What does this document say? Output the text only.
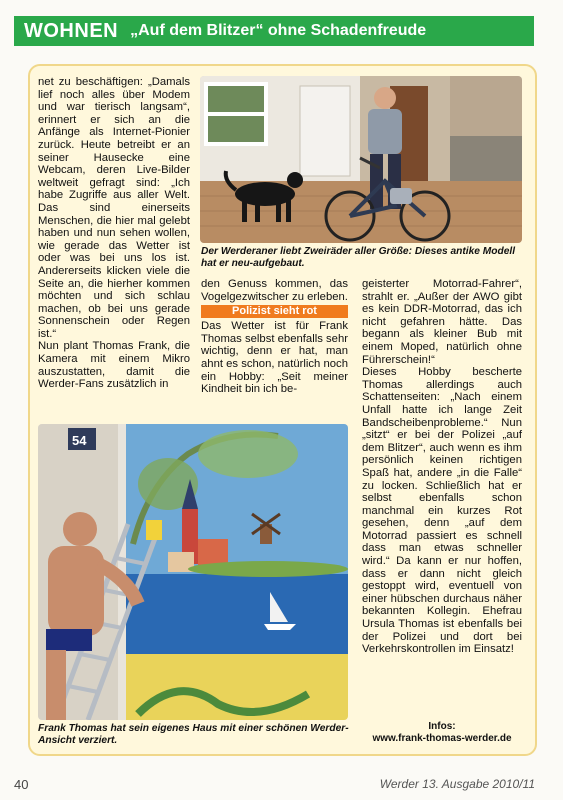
WOHNEN „Auf dem Blitzer“ ohne Schadenfreude

net zu beschäftigen: „Damals lief noch alles über Modem und war tierisch langsam“, erinnert er sich an die Anfänge als Internet-Pionier zurück. Heute betreibt er an seiner Hausecke eine Webcam, deren Live-Bilder weltweit gefragt sind: „Ich habe Zugriffe aus aller Welt. Das sind einerseits Menschen, die hier mal gelebt haben und nun sehen wollen, wie gerade das Wetter ist oder was bei uns los ist. Andererseits klicken viele die Seite an, die hierher kommen möchten und sich schlau machen, ob bei uns gerade Sonnenschein oder Regen ist.“

Nun plant Thomas Frank, die Kamera mit einem Mikro auszustatten, damit die Werder-Fans zusätzlich in

Der Werderaner liebt Zweiräder aller Größe: Dieses antike Modell hat er neu-aufgebaut.

den Genuss kommen, das Vogelgezwitscher zu erleben.

Polizist sieht rot

Das Wetter ist für Frank Thomas selbst ebenfalls sehr wichtig, denn er hat, man ahnt es schon, natürlich noch ein Hobby: „Seit meiner Kindheit bin ich be-

geisterter Motorrad-Fahrer“, strahlt er. „Außer der AWO gibt es kein DDR-Motorrad, das ich nicht gefahren hätte. Das begann als kleiner Bub mit einem Moped, natürlich ohne Führerschein!“

Dieses Hobby bescherte Thomas allerdings auch Schattenseiten: „Nach einem Unfall hatte ich lange Zeit Bandscheibenprobleme.“ Nun „sitzt“ er bei der Polizei „auf dem Blitzer“, auch wenn es ihm persönlich keinen richtigen Spaß hat, andere „in die Falle“ zu locken. Schließlich hat er selbst ebenfalls schon manchmal ein kurzes Rot gesehen, denn „auf dem Motorrad passiert es schnell dass man etwas schneller wird.“ Da kann er nur hoffen, dass er dann nicht gleich gestoppt wird, eventuell von einer hübschen durchaus näher bekannten Kollegin. Ehefrau Ursula Thomas ist ebenfalls bei der Polizei und dort bei Verkehrskontrollen im Einsatz!

54
Frank Thomas hat sein eigenes Haus mit einer schönen Werder-Ansicht verziert.
Infos:
www.frank-thomas-werder.de
40	Werder 13. Ausgabe 2010/11
